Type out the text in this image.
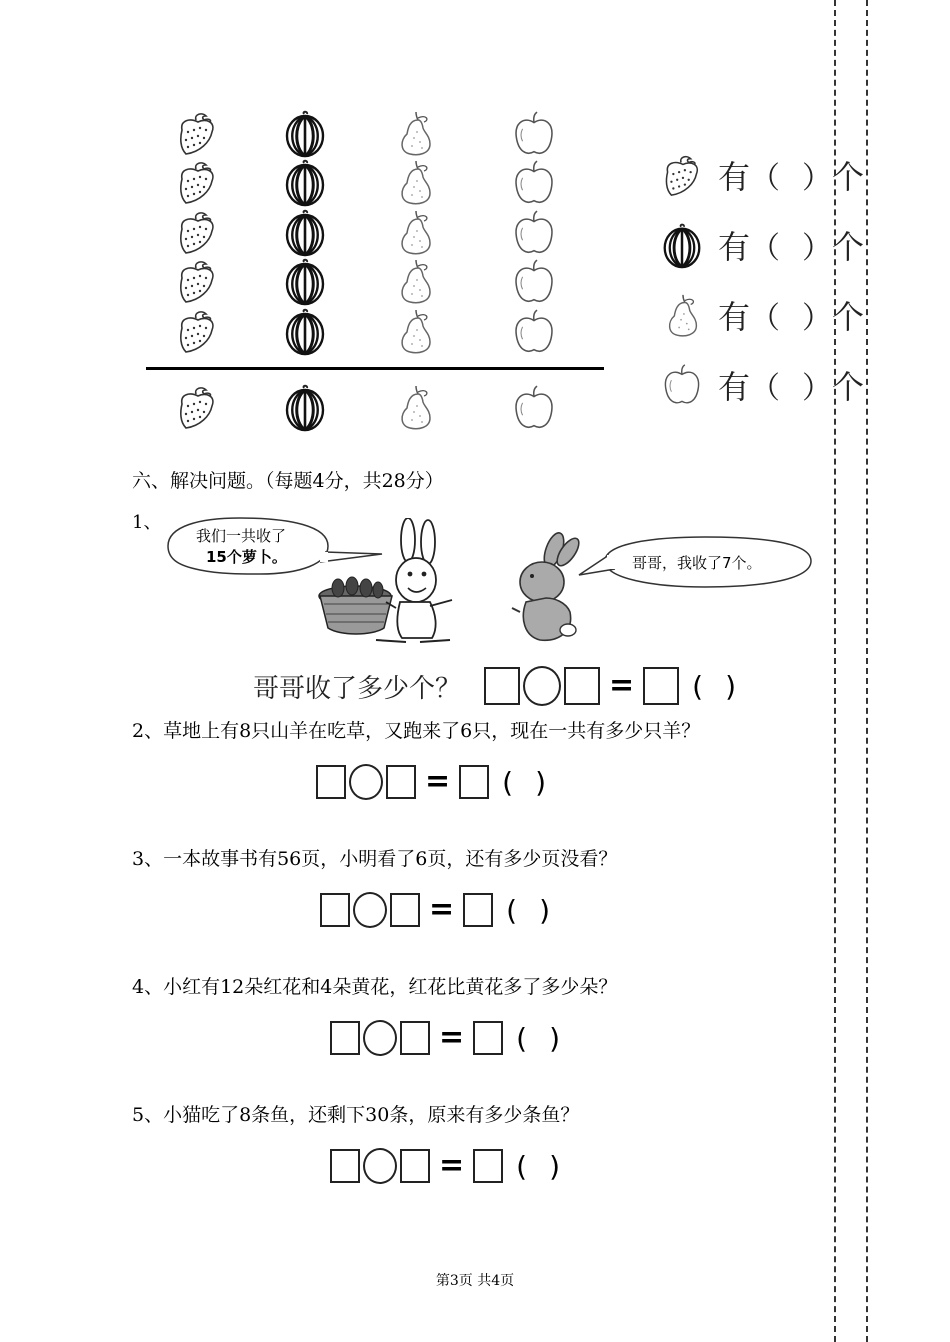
有 （ ） 个
有 （ ） 个
有 （ ） 个
有 （ ） 个
六、解决问题。（每题4分，共28分）
1、
我们一共收了
15个萝卜。	哥哥，我收了7个。
哥哥收了多少个？	= ()
2、草地上有8只山羊在吃草，又跑来了6只，现在一共有多少只羊？
= ()
3、一本故事书有56页，小明看了6页，还有多少页没看？
= ()
4、小红有12朵红花和4朵黄花，红花比黄花多了多少朵？
= ()
5、小猫吃了8条鱼，还剩下30条，原来有多少条鱼？
= ()
第3页 共4页
